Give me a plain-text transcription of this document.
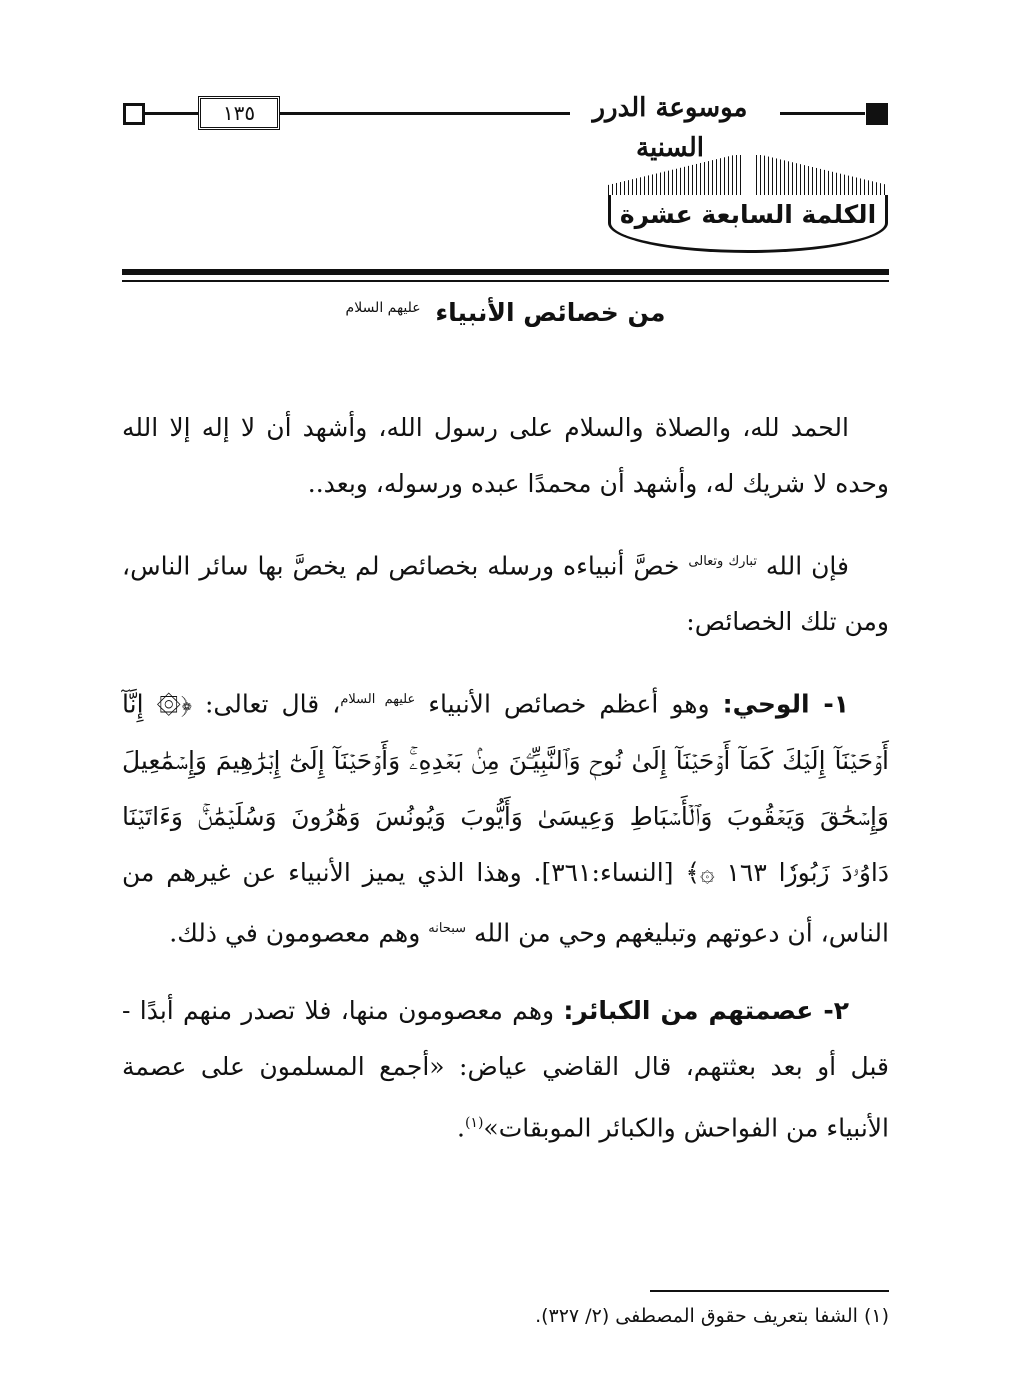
١٣٥	موسوعة الدرر السنية
الكلمة السابعة عشرة
من خصائص الأنبياء $^{عليهم السلام}$

الحمد لله، والصلاة والسلام على رسول الله، وأشهد أن لا إله إلا الله وحده لا شريك له، وأشهد أن محمدًا عبده ورسوله، وبعد..

فإن الله $^{تبارك وتعالى}$ خصَّ أنبياءه ورسله بخصائص لم يخصَّ بها سائر الناس، ومن تلك الخصائص:

١- الوحي: وهو أعظم خصائص الأنبياء $^{عليهم السلام}$، قال تعالى: ﴿۞ إِنَّآ أَوۡحَيۡنَآ إِلَيۡكَ كَمَآ أَوۡحَيۡنَآ إِلَىٰ نُوحٖ وَٱلنَّبِيِّـۧنَ مِنۢ بَعۡدِهِۦۚ وَأَوۡحَيۡنَآ إِلَىٰٓ إِبۡرَٰهِيمَ وَإِسۡمَٰعِيلَ وَإِسۡحَٰقَ وَيَعۡقُوبَ وَٱلۡأَسۡبَاطِ وَعِيسَىٰ وَأَيُّوبَ وَيُونُسَ وَهَٰرُونَ وَسُلَيۡمَٰنَۚ وَءَاتَيۡنَا دَاوُۥدَ زَبُورٗا ١٦٣ ۞﴾ [النساء:٣٦١]. وهذا الذي يميز الأنبياء عن غيرهم من الناس، أن دعوتهم وتبليغهم وحي من الله $^{سبحانه}$ وهم معصومون في ذلك.

٢- عصمتهم من الكبائر: وهم معصومون منها، فلا تصدر منهم أبدًا - قبل أو بعد بعثتهم، قال القاضي عياض: «أجمع المسلمون على عصمة الأنبياء من الفواحش والكبائر الموبقات»$^{(١)}$.

(١) الشفا بتعريف حقوق المصطفى (٢/ ٣٢٧).
